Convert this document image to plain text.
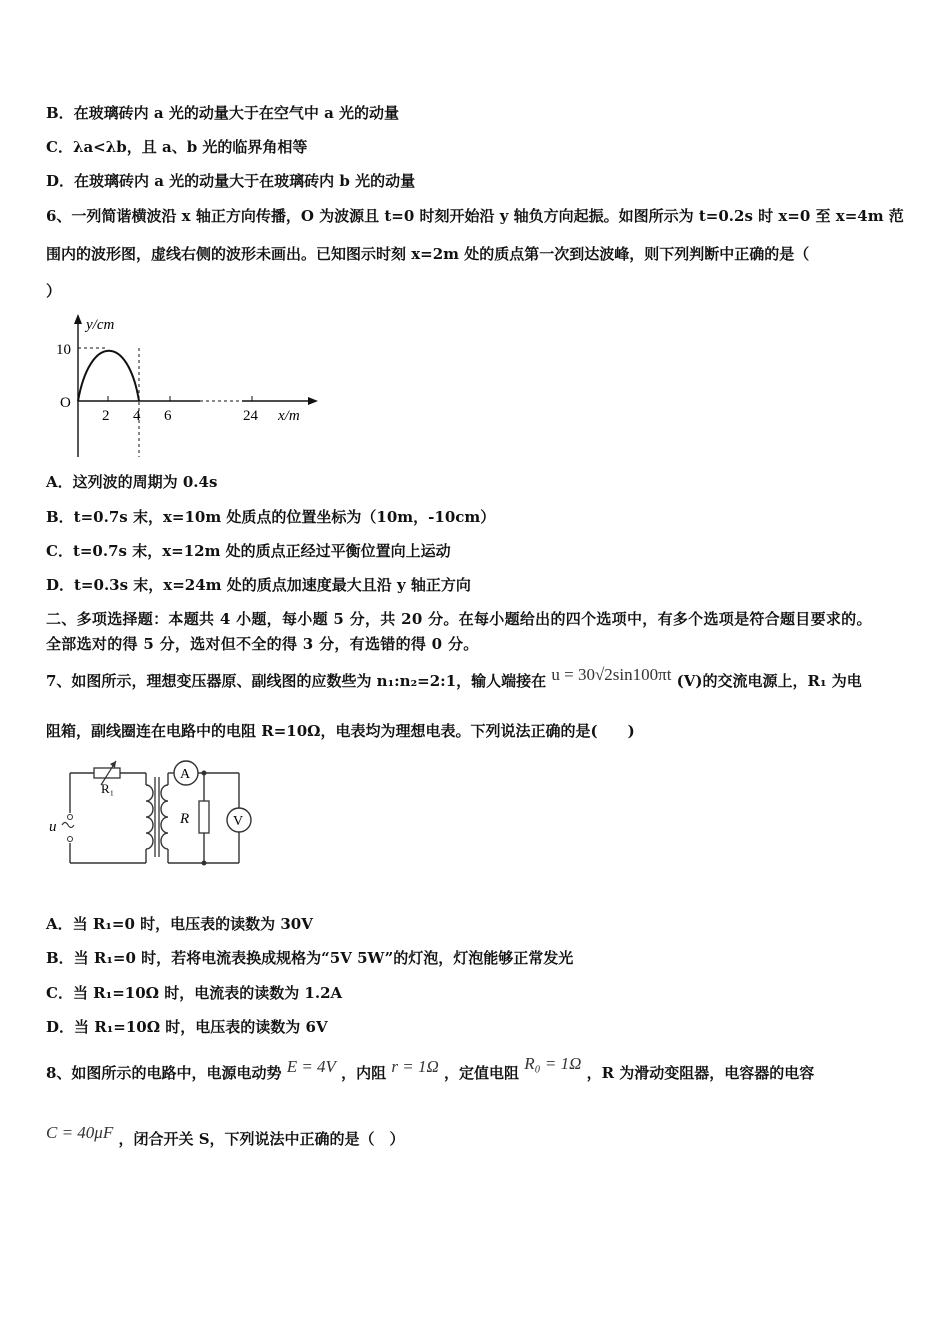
B．在玻璃砖内 a 光的动量大于在空气中 a 光的动量
C．λa<λb，且 a、b 光的临界角相等
D．在玻璃砖内 a 光的动量大于在玻璃砖内 b 光的动量
6、一列简谐横波沿 x 轴正方向传播，O 为波源且 t=0 时刻开始沿 y 轴负方向起振。如图所示为 t=0.2s 时 x=0 至 x=4m 范
围内的波形图，虚线右侧的波形未画出。已知图示时刻 x=2m 处的质点第一次到达波峰，则下列判断中正确的是（
）
y/cm
10
O
2 4 6	24 x/m
A．这列波的周期为 0.4s
B．t=0.7s 末，x=10m 处质点的位置坐标为（10m，-10cm）
C．t=0.7s 末，x=12m 处的质点正经过平衡位置向上运动
D．t=0.3s 末，x=24m 处的质点加速度最大且沿 y 轴正方向
二、多项选择题：本题共 4 小题，每小题 5 分，共 20 分。在每小题给出的四个选项中，有多个选项是符合题目要求的。
全部选对的得 5 分，选对但不全的得 3 分，有选错的得 0 分。
7、如图所示，理想变压器原、副线图的应数些为 n₁:n₂=2:1，输人端接在 u = 30√2sin100πt (V)的交流电源上，R₁ 为电
阻箱，副线圈连在电路中的电阻 R=10Ω，电表均为理想电表。下列说法正确的是(　　)
u
R₁
R
A
V
A．当 R₁=0 时，电压表的读数为 30V
B．当 R₁=0 时，若将电流表换成规格为“5V 5W”的灯泡，灯泡能够正常发光
C．当 R₁=10Ω 时，电流表的读数为 1.2A
D．当 R₁=10Ω 时，电压表的读数为 6V
8、如图所示的电路中，电源电动势 E = 4V ，内阻 r = 1Ω ，定值电阻 R₀ = 1Ω ，R 为滑动变阻器，电容器的电容
C = 40μF ，闭合开关 S，下列说法中正确的是（　）
